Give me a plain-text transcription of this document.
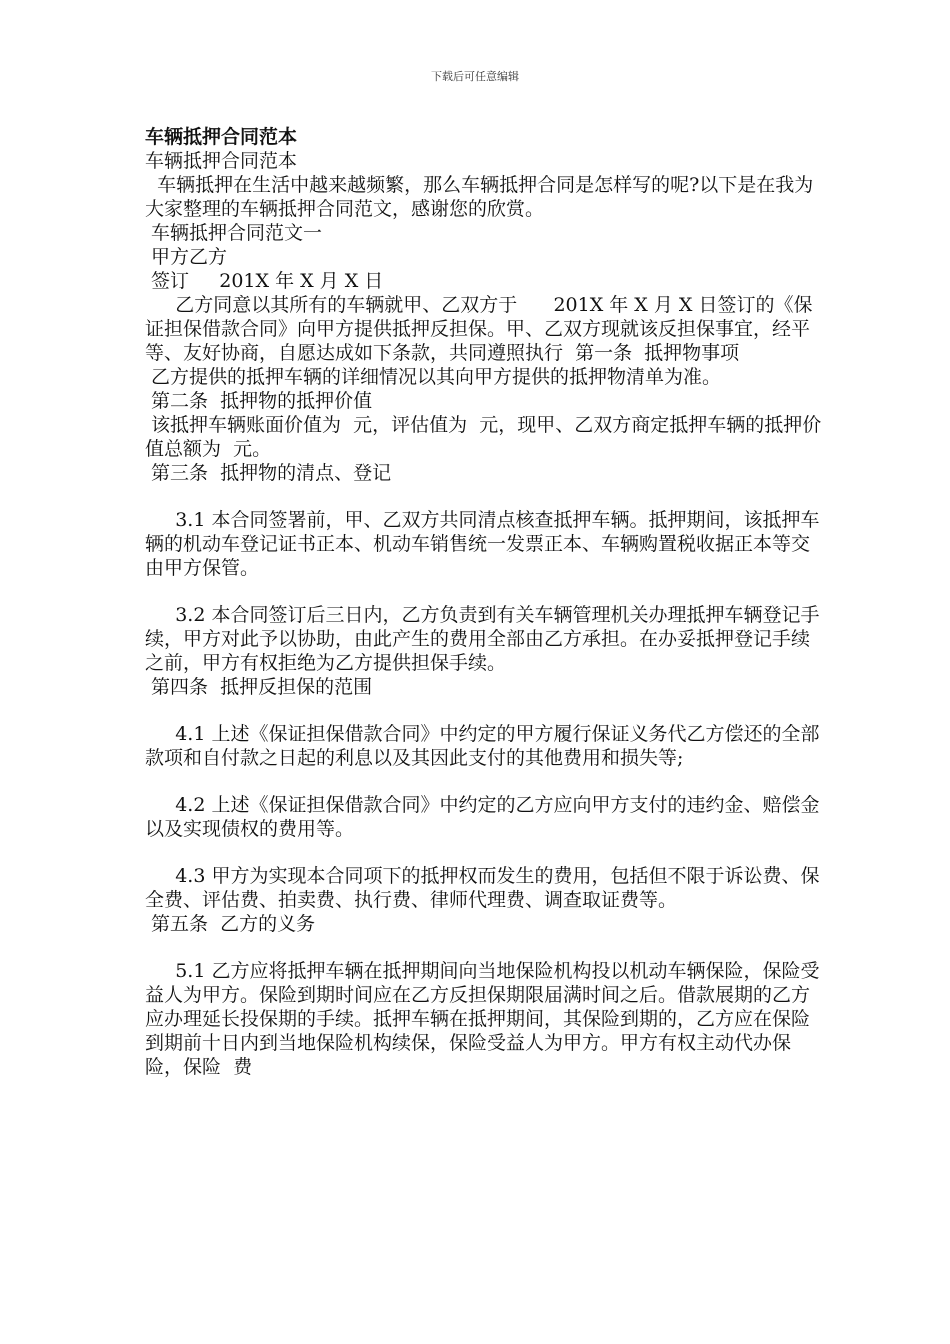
下载后可任意编辑

车辆抵押合同范本

车辆抵押合同范本

车辆抵押在生活中越来越频繁，那么车辆抵押合同是怎样写的呢?以下是在我为大家整理的车辆抵押合同范文，感谢您的欣赏。

车辆抵押合同范文一

甲方乙方

签订     201X 年 X 月 X 日

乙方同意以其所有的车辆就甲、乙双方于      201X 年 X 月 X 日签订的《保证担保借款合同》向甲方提供抵押反担保。甲、乙双方现就该反担保事宜，经平等、友好协商，自愿达成如下条款，共同遵照执行  第一条  抵押物事项

乙方提供的抵押车辆的详细情况以其向甲方提供的抵押物清单为准。

第二条  抵押物的抵押价值

该抵押车辆账面价值为  元，评估值为  元，现甲、乙双方商定抵押车辆的抵押价值总额为  元。

第三条  抵押物的清点、登记

3.1 本合同签署前，甲、乙双方共同清点核查抵押车辆。抵押期间，该抵押车辆的机动车登记证书正本、机动车销售统一发票正本、车辆购置税收据正本等交由甲方保管。

3.2 本合同签订后三日内，乙方负责到有关车辆管理机关办理抵押车辆登记手续，甲方对此予以协助，由此产生的费用全部由乙方承担。在办妥抵押登记手续之前，甲方有权拒绝为乙方提供担保手续。

第四条  抵押反担保的范围

4.1 上述《保证担保借款合同》中约定的甲方履行保证义务代乙方偿还的全部款项和自付款之日起的利息以及其因此支付的其他费用和损失等;

4.2 上述《保证担保借款合同》中约定的乙方应向甲方支付的违约金、赔偿金以及实现债权的费用等。

4.3 甲方为实现本合同项下的抵押权而发生的费用，包括但不限于诉讼费、保全费、评估费、拍卖费、执行费、律师代理费、调查取证费等。

第五条  乙方的义务

5.1 乙方应将抵押车辆在抵押期间向当地保险机构投以机动车辆保险，保险受益人为甲方。保险到期时间应在乙方反担保期限届满时间之后。借款展期的乙方应办理延长投保期的手续。抵押车辆在抵押期间，其保险到期的，乙方应在保险到期前十日内到当地保险机构续保，保险受益人为甲方。甲方有权主动代办保险，保险  费
